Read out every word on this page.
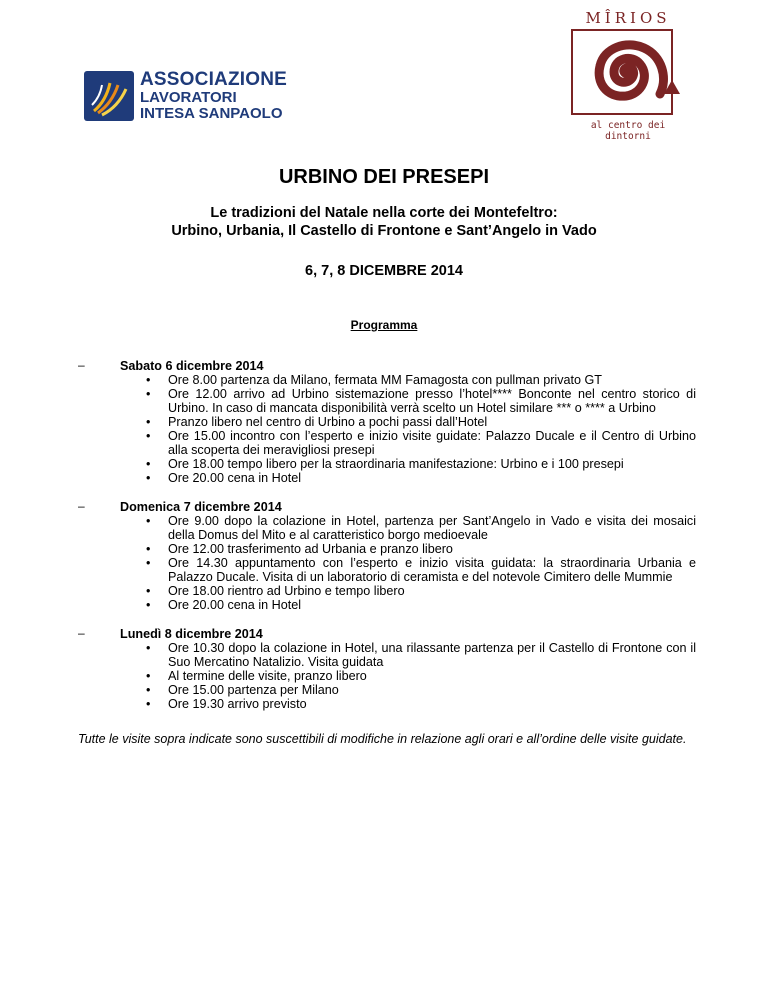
ASSOCIAZIONE
LAVORATORI
INTESA SANPAOLO
MÎRIOS
al centro dei dintorni
URBINO DEI PRESEPI
Le tradizioni del Natale nella corte dei Montefeltro:
Urbino, Urbania, Il Castello di Frontone e Sant’Angelo in Vado
6, 7, 8 DICEMBRE 2014
Programma
–	Sabato 6 dicembre 2014
• Ore 8.00 partenza da Milano, fermata MM Famagosta con pullman privato GT
• Ore 12.00 arrivo ad Urbino sistemazione presso l’hotel**** Bonconte nel centro storico di Urbino. In caso di mancata disponibilità verrà scelto un Hotel similare *** o **** a Urbino
• Pranzo libero nel centro di Urbino a pochi passi dall’Hotel
• Ore 15.00 incontro con l’esperto e inizio visite guidate: Palazzo Ducale e il Centro di Urbino alla scoperta dei meravigliosi presepi
• Ore 18.00 tempo libero per la straordinaria manifestazione: Urbino e i 100 presepi
• Ore 20.00 cena in Hotel
–	Domenica 7 dicembre 2014
• Ore 9.00 dopo la colazione in Hotel, partenza per Sant’Angelo in Vado e visita dei mosaici della Domus del Mito e al caratteristico borgo medioevale
• Ore 12.00 trasferimento ad Urbania e pranzo libero
• Ore 14.30 appuntamento con l’esperto e inizio visita guidata: la straordinaria Urbania e Palazzo Ducale. Visita di un laboratorio di ceramista e del notevole Cimitero delle Mummie
• Ore 18.00 rientro ad Urbino e tempo libero
• Ore 20.00 cena in Hotel
–	Lunedì 8 dicembre 2014
• Ore 10.30 dopo la colazione in Hotel, una rilassante partenza per il Castello di Frontone con il Suo Mercatino Natalizio. Visita guidata
• Al termine delle visite, pranzo libero
• Ore 15.00 partenza per Milano
• Ore 19.30 arrivo previsto
Tutte le visite sopra indicate sono suscettibili di modifiche in relazione agli orari e all’ordine delle visite guidate.
